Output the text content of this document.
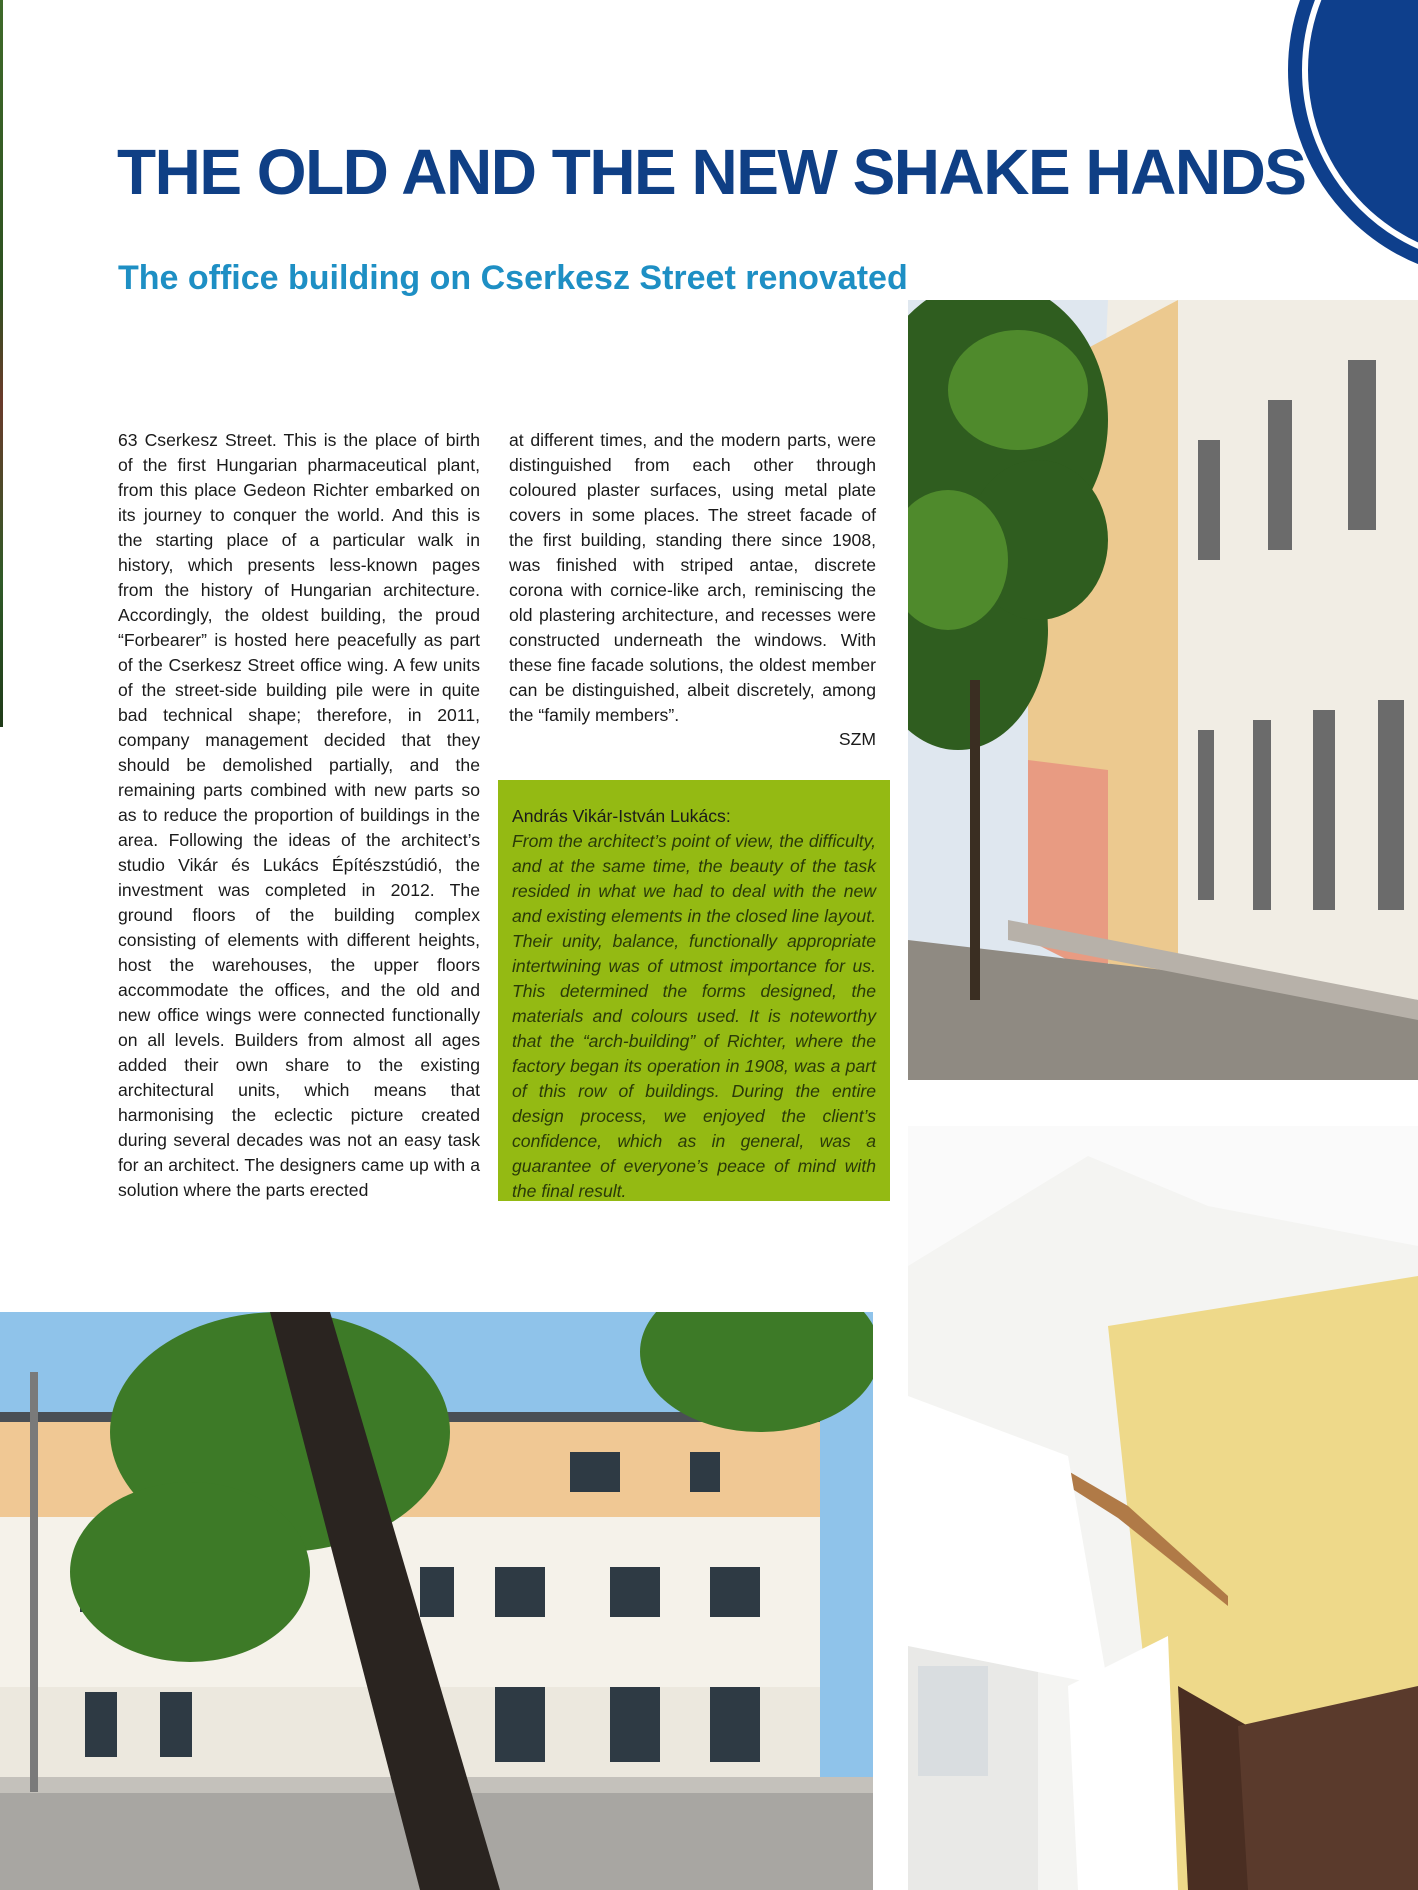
THE OLD AND THE NEW SHAKE HANDS
The office building on Cserkesz Street renovated

63 Cserkesz Street. This is the place of birth of the first Hungarian pharmaceutical plant, from this place Gedeon Richter embarked on its journey to conquer the world. And this is the starting place of a particular walk in history, which presents less-known pages from the history of Hungarian architecture. Accordingly, the oldest building, the proud “Forbearer” is hosted here peacefully as part of the Cserkesz Street office wing. A few units of the street-side building pile were in quite bad technical shape; therefore, in 2011, company management decided that they should be demolished partially, and the remaining parts combined with new parts so as to reduce the proportion of buildings in the area. Following the ideas of the architect’s studio Vikár és Lukács Építészstúdió, the investment was completed in 2012. The ground floors of the building complex consisting of elements with different heights, host the warehouses, the upper floors accommodate the offices, and the old and new office wings were connected functionally on all levels. Builders from almost all ages added their own share to the existing architectural units, which means that harmonising the eclectic picture created during several decades was not an easy task for an architect. The designers came up with a solution where the parts erected

at different times, and the modern parts, were distinguished from each other through coloured plaster surfaces, using metal plate covers in some places. The street facade of the first building, standing there since 1908, was finished with striped antae, discrete corona with cornice-like arch, reminiscing the old plastering architecture, and recesses were constructed underneath the windows. With these fine facade solutions, the oldest member can be distinguished, albeit discretely, among the “family members”.

SZM

András Vikár-István Lukács:

From the architect’s point of view, the difficulty, and at the same time, the beauty of the task resided in what we had to deal with the new and existing elements in the closed line layout. Their unity, balance, functionally appropriate intertwining was of utmost importance for us. This determined the forms designed, the materials and colours used. It is noteworthy that the “arch-building” of Richter, where the factory began its operation in 1908, was a part of this row of buildings. During the entire design process, we enjoyed the client’s confidence, which as in general, was a guarantee of everyone’s peace of mind with the final result.
